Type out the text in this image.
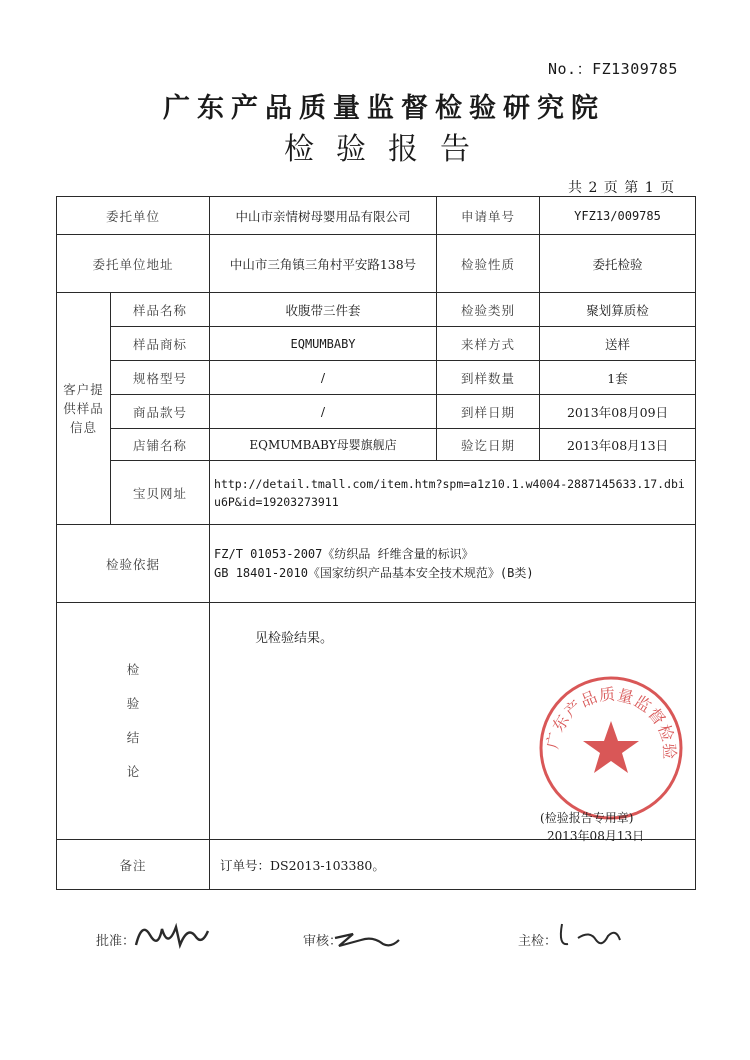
No.：FZ1309785
广东产品质量监督检验研究院
检验报告
共 2 页 第 1 页
委托单位		中山市亲情树母婴用品有限公司	申请单号	YFZ13/009785
委托单位地址		中山市三角镇三角村平安路138号	检验性质	委托检验
客户提供样品信息	样品名称	收腹带三件套	检验类别	聚划算质检
	样品商标	EQMUMBABY	来样方式	送样
	规格型号	/	到样数量	1套
	商品款号	/	到样日期	2013年08月09日
	店铺名称	EQMUMBABY母婴旗舰店	验讫日期	2013年08月13日
	宝贝网址	http://detail.tmall.com/item.htm?spm=a1z10.1.w4004-2887145633.17.dbiu6P&id=19203273911		
检验依据		FZ/T 01053-2007《纺织品 纤维含量的标识》
GB 18401-2010《国家纺织产品基本安全技术规范》(B类)		

检验结论		见检验结果。
广东产品质量监督检验
(检验报告专用章)
2013年08月13日		

备注		订单号：DS2013-103380。		
批准：	审核：	主检：
